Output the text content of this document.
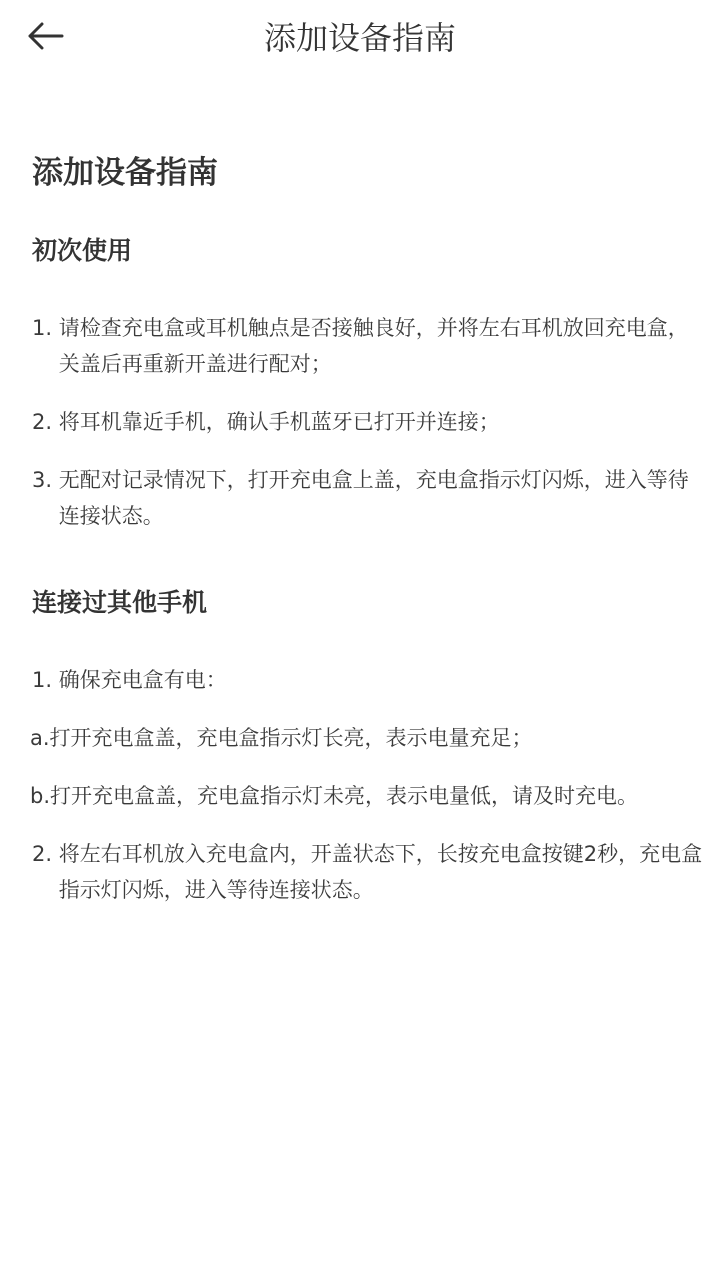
添加设备指南
添加设备指南
初次使用
1. 请检查充电盒或耳机触点是否接触良好，并将左右耳机放回充电盒，关盖后再重新开盖进行配对；
2. 将耳机靠近手机，确认手机蓝牙已打开并连接；
3. 无配对记录情况下，打开充电盒上盖，充电盒指示灯闪烁，进入等待连接状态。
连接过其他手机
1. 确保充电盒有电：
a.打开充电盒盖，充电盒指示灯长亮，表示电量充足；
b.打开充电盒盖，充电盒指示灯未亮，表示电量低，请及时充电。
2. 将左右耳机放入充电盒内，开盖状态下，长按充电盒按键2秒，充电盒指示灯闪烁，进入等待连接状态。
